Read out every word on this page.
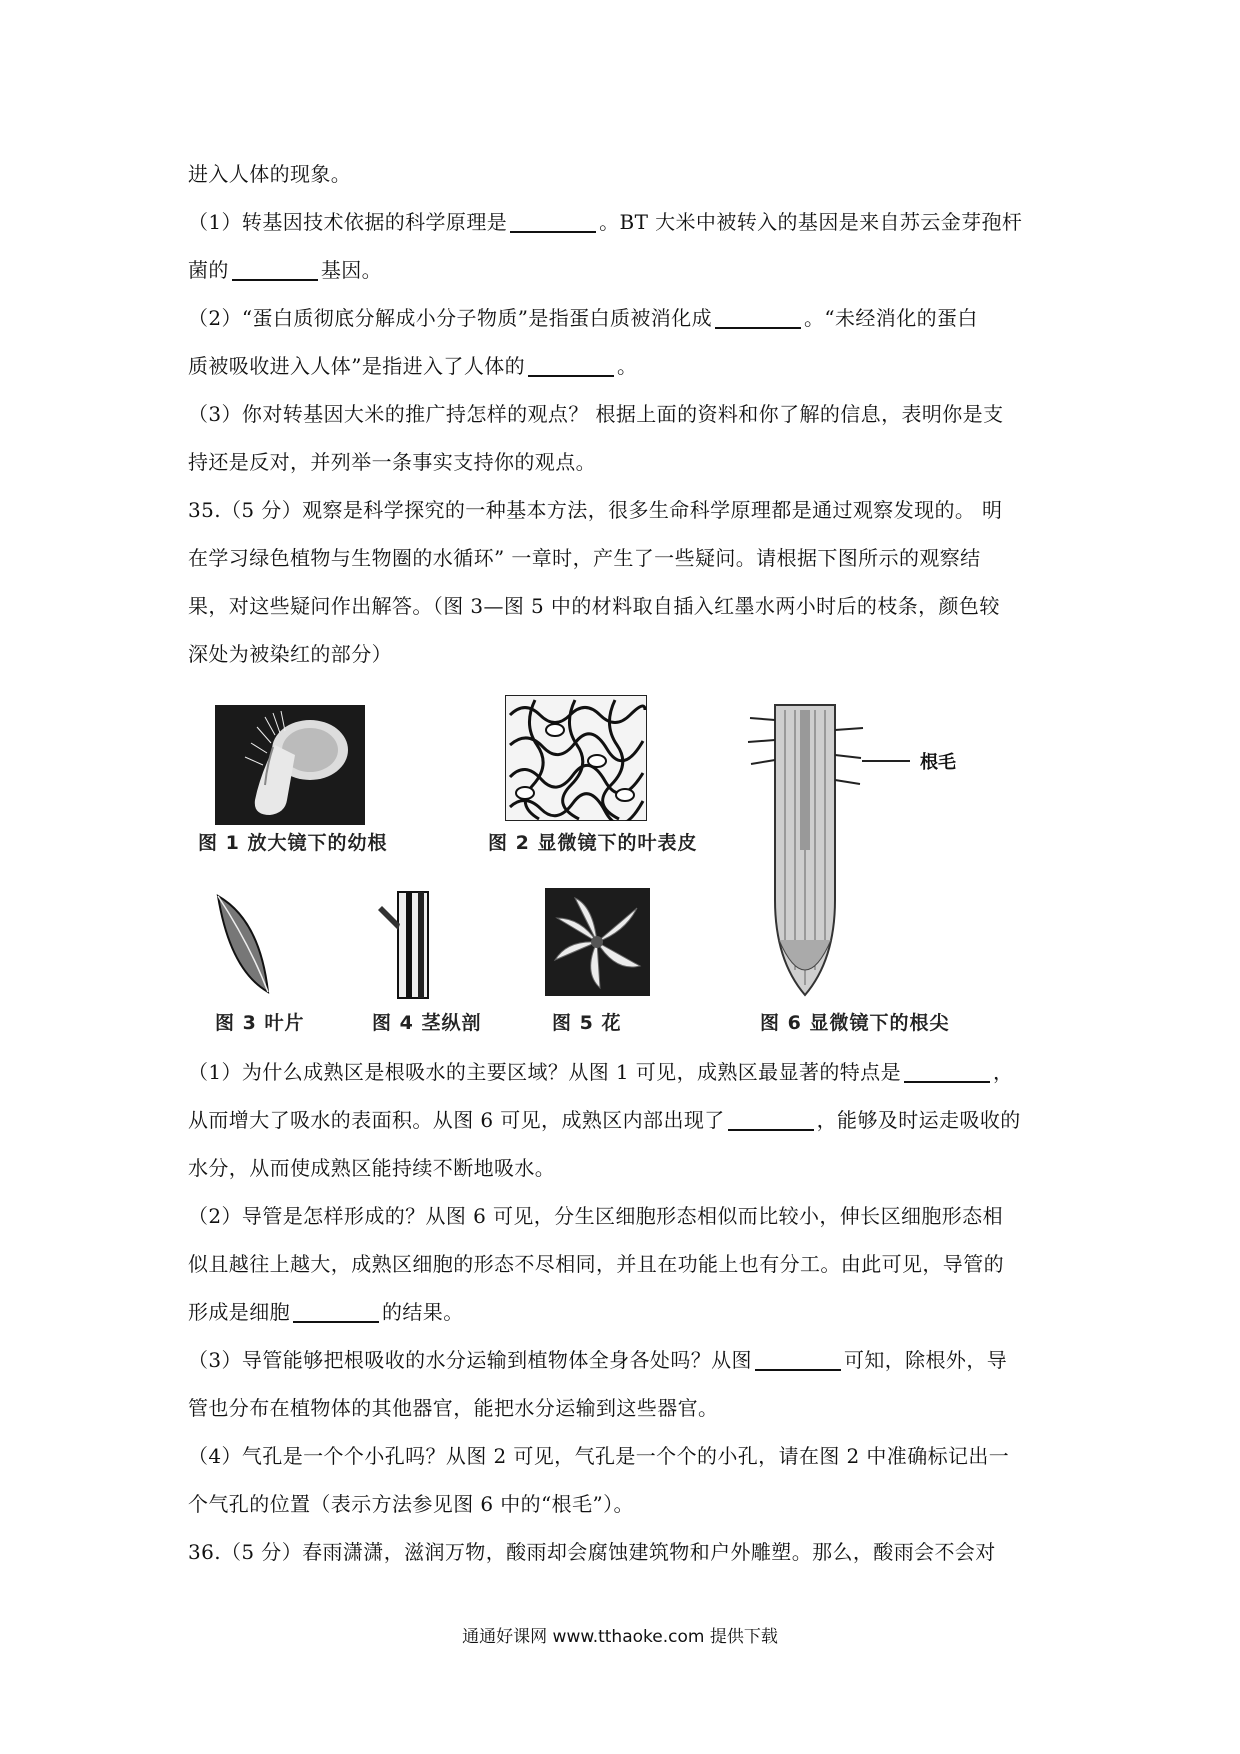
进入人体的现象。
（1）转基因技术依据的科学原理是	。BT 大米中被转入的基因是来自苏云金芽孢杆
菌的	基因。
（2）“蛋白质彻底分解成小分子物质”是指蛋白质被消化成	。“未经消化的蛋白
质被吸收进入人体”是指进入了人体的	。
（3）你对转基因大米的推广持怎样的观点？ 根据上面的资料和你了解的信息，表明你是支
持还是反对，并列举一条事实支持你的观点。
35.（5 分）观察是科学探究的一种基本方法，很多生命科学原理都是通过观察发现的。 明
在学习绿色植物与生物圈的水循环” 一章时，产生了一些疑问。请根据下图所示的观察结
果，对这些疑问作出解答。（图 3—图 5 中的材料取自插入红墨水两小时后的枝条，颜色较
深处为被染红的部分）

图 1 放大镜下的幼根	图 2 显微镜下的叶表皮
根毛
图 3 叶片	图 4 茎纵剖	图 5 花	图 6 显微镜下的根尖

（1）为什么成熟区是根吸水的主要区域？从图 1 可见，成熟区最显著的特点是	，
从而增大了吸水的表面积。从图 6 可见，成熟区内部出现了	，能够及时运走吸收的
水分，从而使成熟区能持续不断地吸水。
（2）导管是怎样形成的？从图 6 可见，分生区细胞形态相似而比较小，伸长区细胞形态相
似且越往上越大，成熟区细胞的形态不尽相同，并且在功能上也有分工。由此可见，导管的
形成是细胞	的结果。
（3）导管能够把根吸收的水分运输到植物体全身各处吗？从图	可知，除根外，导
管也分布在植物体的其他器官，能把水分运输到这些器官。
（4）气孔是一个个小孔吗？从图 2 可见，气孔是一个个的小孔，请在图 2 中准确标记出一
个气孔的位置（表示方法参见图 6 中的“根毛”）。
36.（5 分）春雨潇潇，滋润万物，酸雨却会腐蚀建筑物和户外雕塑。那么，酸雨会不会对

通通好课网 www.tthaoke.com 提供下载
